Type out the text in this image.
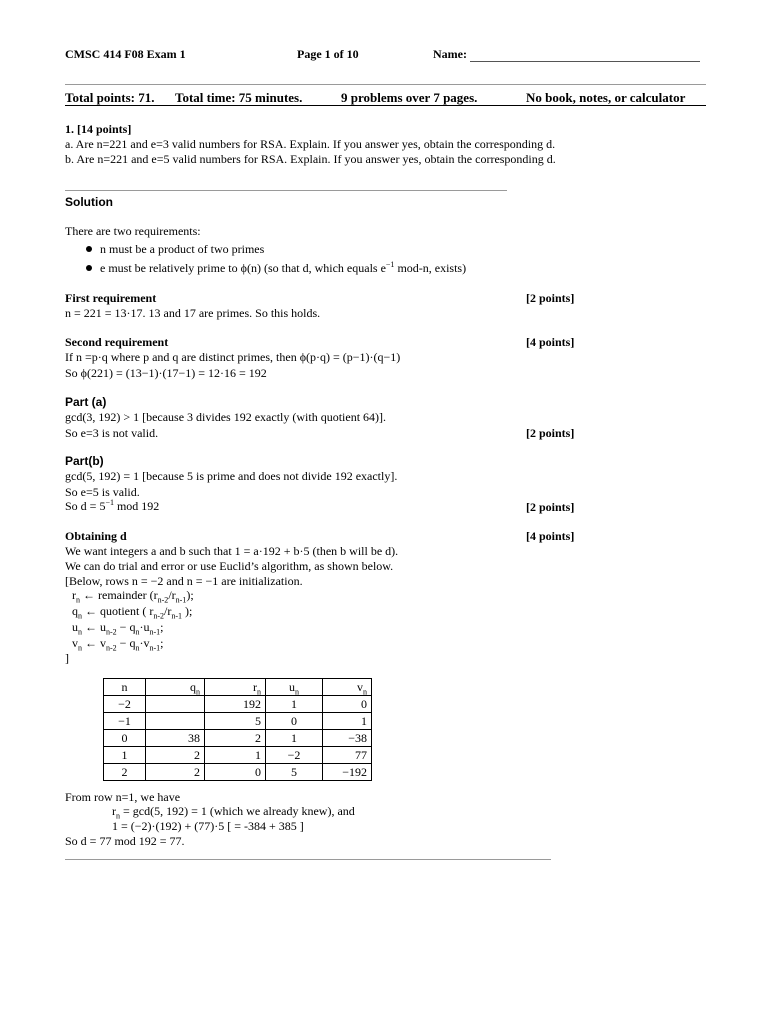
CMSC 414 F08 Exam 1	Page 1 of 10	Name:
Total points: 71. Total time: 75 minutes.	9 problems over 7 pages.	No book, notes, or calculator
1. [14 points]
a. Are n=221 and e=3 valid numbers for RSA. Explain. If you answer yes, obtain the corresponding d.
b. Are n=221 and e=5 valid numbers for RSA. Explain. If you answer yes, obtain the corresponding d.
Solution
There are two requirements:
n must be a product of two primes
e must be relatively prime to ϕ(n) (so that d, which equals $e^{-1}$ mod-n, exists)
First requirement	[2 points]
n = 221 = 13·17. 13 and 17 are primes. So this holds.
Second requirement	[4 points]
If n =p·q where p and q are distinct primes, then ϕ(p·q) = (p−1)·(q−1)
So ϕ(221) = (13−1)·(17−1) = 12·16 = 192
Part (a)
gcd(3, 192) > 1 [because 3 divides 192 exactly (with quotient 64)].
So e=3 is not valid.	[2 points]
Part(b)
gcd(5, 192) = 1 [because 5 is prime and does not divide 192 exactly].
So e=5 is valid.
So $d = 5^{-1}$ mod 192	[2 points]
Obtaining d	[4 points]
We want integers a and b such that 1 = a·192 + b·5 (then b will be d).
We can do trial and error or use Euclid’s algorithm, as shown below.
[Below, rows n = −2 and n = −1 are initialization.
$r_n$ ← remainder $(r_{n-2}/r_{n-1})$;
$q_n$ ← quotient ( $r_{n-2}/r_{n-1}$ );
$u_n$ ← $u_{n-2} - q_n\cdot u_{n-1}$;
$v_n$ ← $v_{n-2} - q_n\cdot v_{n-1}$;
]
n	$q_n$	$r_n$	$u_n$	$v_n$
−2		192	1	0
−1		5	0	1
0	38	2	1	−38
1	2	1	−2	77
2	2	0	5	−192
From row n=1, we have
$r_n = \gcd(5$, 192) = 1 (which we already knew), and
1 = (−2)·(192) + (77)·5 [ = -384 + 385 ]
So d = 77 mod 192 = 77.
